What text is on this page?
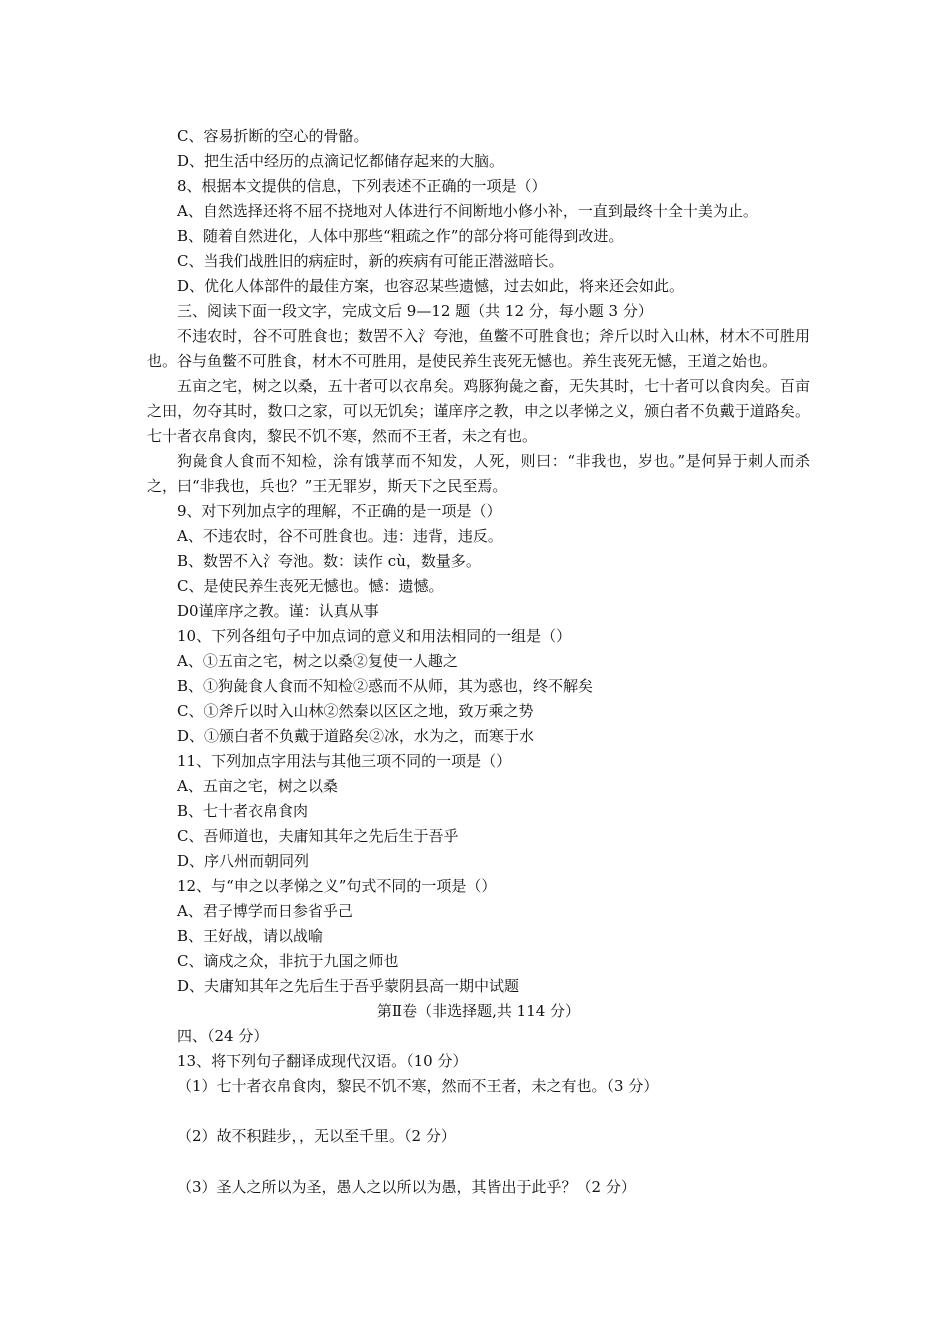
C、容易折断的空心的骨骼。
D、把生活中经历的点滴记忆都储存起来的大脑。
8、根据本文提供的信息，下列表述不正确的一项是（）
A、自然选择还将不屈不挠地对人体进行不间断地小修小补，一直到最终十全十美为止。
B、随着自然进化，人体中那些“粗疏之作”的部分将可能得到改进。
C、当我们战胜旧的病症时，新的疾病有可能正潜滋暗长。
D、优化人体部件的最佳方案，也容忍某些遗憾，过去如此，将来还会如此。
三、阅读下面一段文字，完成文后 9—12 题（共 12 分，每小题 3 分）

不违农时，谷不可胜食也；数罟不入氵夸池，鱼鳖不可胜食也；斧斤以时入山林，材木不可胜用也。谷与鱼鳖不可胜食，材木不可胜用，是使民养生丧死无憾也。养生丧死无憾，王道之始也。

五亩之宅，树之以桑，五十者可以衣帛矣。鸡豚狗彘之畜，无失其时，七十者可以食肉矣。百亩之田，勿夺其时，数口之家，可以无饥矣；谨庠序之教，申之以孝悌之义，颁白者不负戴于道路矣。七十者衣帛食肉，黎民不饥不寒，然而不王者，未之有也。

狗彘食人食而不知检，涂有饿莩而不知发，人死，则曰：“非我也，岁也。”是何异于刺人而杀之，曰“非我也，兵也？”王无罪岁，斯天下之民至焉。

9、对下列加点字的理解，不正确的是一项是（）
A、不违农时，谷不可胜食也。违：违背，违反。
B、数罟不入氵夸池。数：读作 cù，数量多。
C、是使民养生丧死无憾也。憾：遗憾。
D0谨庠序之教。谨：认真从事
10、下列各组句子中加点词的意义和用法相同的一组是（）
A、①五亩之宅，树之以桑②复使一人趣之
B、①狗彘食人食而不知检②惑而不从师，其为惑也，终不解矣
C、①斧斤以时入山林②然秦以区区之地，致万乘之势
D、①颁白者不负戴于道路矣②冰，水为之，而寒于水
11、下列加点字用法与其他三项不同的一项是（）
A、五亩之宅，树之以桑
B、七十者衣帛食肉
C、吾师道也，夫庸知其年之先后生于吾乎
D、序八州而朝同列
12、与“申之以孝悌之义”句式不同的一项是（）
A、君子博学而日参省乎己
B、王好战，请以战喻
C、谪戍之众，非抗于九国之师也
D、夫庸知其年之先后生于吾乎蒙阴县高一期中试题
第Ⅱ卷（非选择题,共 114 分）
四、（24 分）
13、将下列句子翻译成现代汉语。（10 分）
（1）七十者衣帛食肉，黎民不饥不寒，然而不王者，未之有也。（3 分）
（2）故不积跬步，，无以至千里。（2 分）
（3）圣人之所以为圣，愚人之以所以为愚，其皆出于此乎？（2 分）
